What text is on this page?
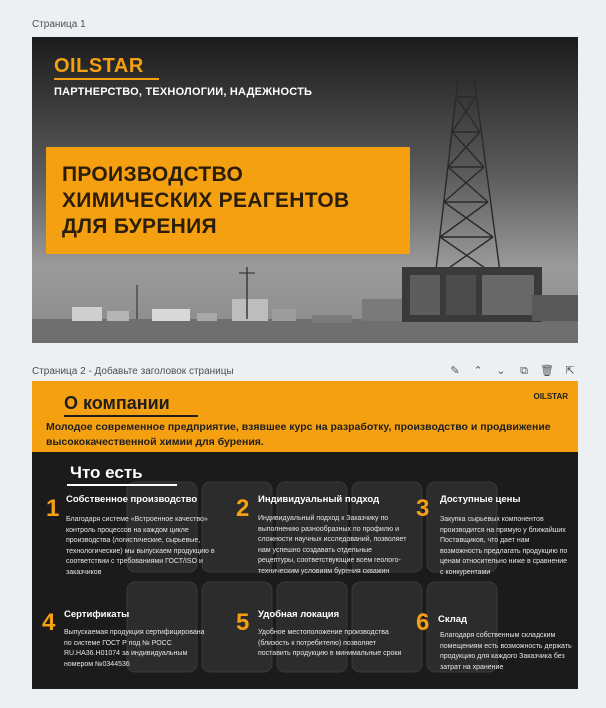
Страница 1
OILSTAR
ПАРТНЕРСТВО, ТЕХНОЛОГИИ, НАДЕЖНОСТЬ
ПРОИЗВОДСТВО
ХИМИЧЕСКИХ РЕАГЕНТОВ
ДЛЯ БУРЕНИЯ
Страница 2 - Добавьте заголовок страницы	✎ ⌃ ⌄ ⧉ 🗑 ⇱
OILSTAR
О компании
Молодое современное предприятие, взявшее курс на разработку, производство и продвижение высококачественной химии для бурения.
Что есть
1 Собственное производство
Благодаря системе «Встроенное качество» контроль процессов на каждом цикле производства (логистические, сырьевые, технологические) мы выпускаем продукцию в соответствии с требованиями ГОСТ/ISO и заказчиков
2 Индивидуальный подход
Индивидуальный подход к Заказчику по выполнению разнообразных по профилю и сложности научных исследований, позволяет нам успешно создавать отдельные рецептуры, соответствующие всем геолого-техническим условиям бурения скважин
3 Доступные цены
Закупка сырьевых компонентов производится на прямую у ближайших Поставщиков, что дает нам возможность предлагать продукцию по ценам относительно ниже в сравнение с конкурентами
4 Сертификаты
Выпускаемая продукция сертифицирована по системе ГОСТ Р под № РОСС RU.HA36.H01074 за индивидуальным номером №0344536
5 Удобная локация
Удобное местоположение производства (близость к потребителю) позволяет поставить продукцию в минимальные сроки
6 Склад
Благодаря собственным складским помещениям есть возможность держать продукцию для каждого Заказчика без затрат на хранение
